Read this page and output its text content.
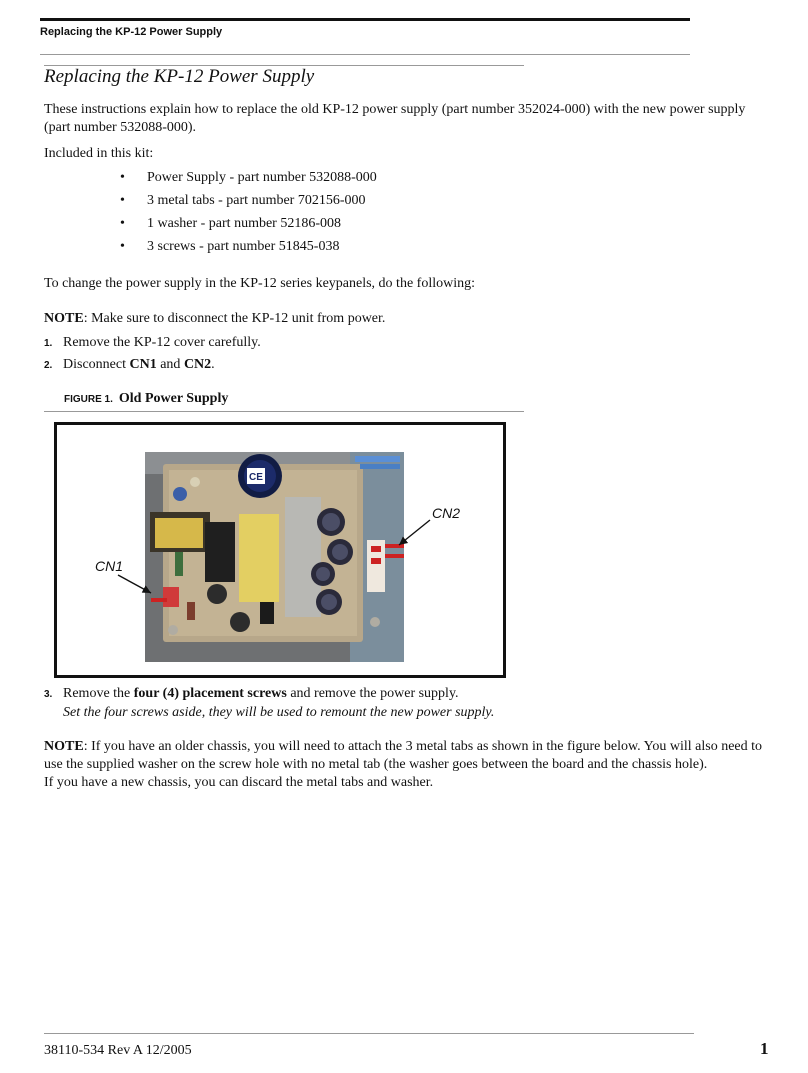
Replacing the KP-12 Power Supply
Replacing the KP-12 Power Supply
These instructions explain how to replace the old KP-12 power supply (part number 352024-000) with the new power supply (part number 532088-000).
Included in this kit:
•	Power Supply - part number 532088-000
•	3 metal tabs - part number 702156-000
•	1 washer - part number 52186-008
•	3 screws - part number 51845-038
To change the power supply in the KP-12 series keypanels, do the following:
NOTE: Make sure to disconnect the KP-12 unit from power.
1. Remove the KP-12 cover carefully.
2. Disconnect CN1 and CN2.
FIGURE 1. Old Power Supply
CE
CN2
CN1
3. Remove the four (4) placement screws and remove the power supply.
Set the four screws aside, they will be used to remount the new power supply.
NOTE: If you have an older chassis, you will need to attach the 3 metal tabs as shown in the figure below. You will also need to use the supplied washer on the screw hole with no metal tab (the washer goes between the board and the chassis hole).
If you have a new chassis, you can discard the metal tabs and washer.
38110-534 Rev A 12/2005	1
